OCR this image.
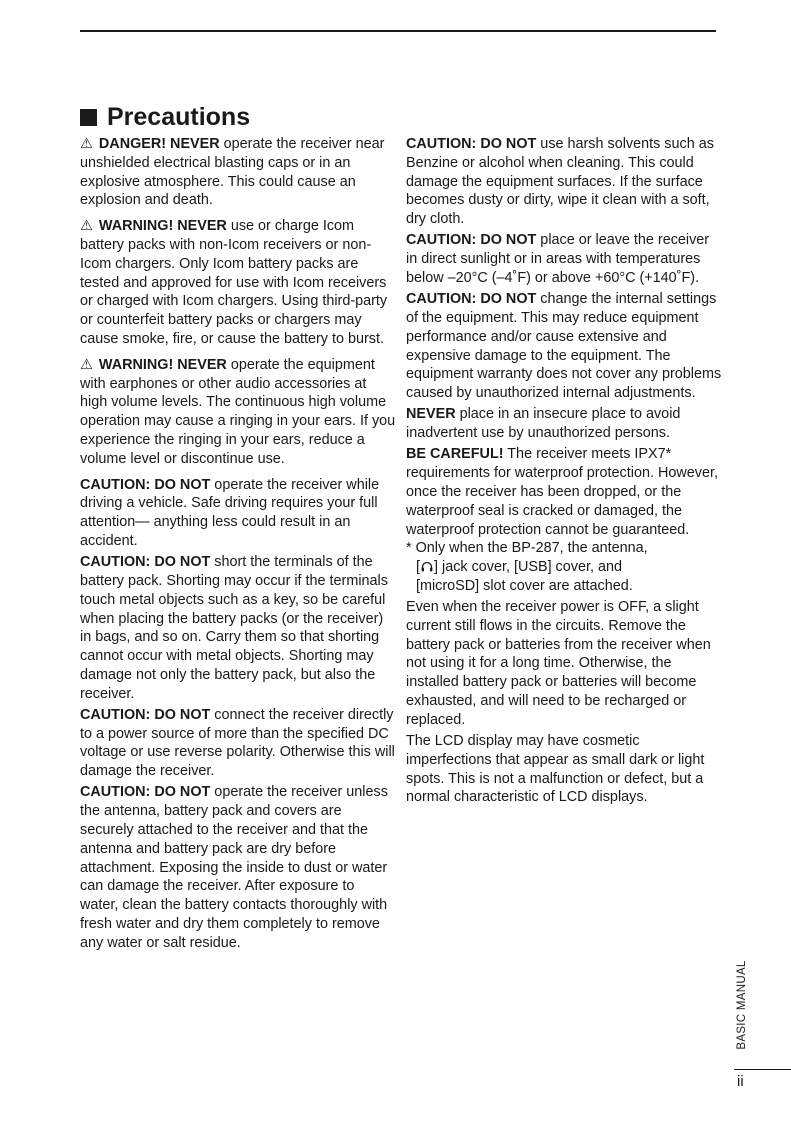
Precautions

⚠ DANGER! NEVER operate the receiver near unshielded electrical blasting caps or in an explosive atmosphere. This could cause an explosion and death.

⚠ WARNING! NEVER use or charge Icom battery packs with non-Icom receivers or non-Icom chargers. Only Icom battery packs are tested and approved for use with Icom receivers or charged with Icom chargers. Using third-party or counterfeit battery packs or chargers may cause smoke, fire, or cause the battery to burst.

⚠ WARNING! NEVER operate the equipment with earphones or other audio accessories at high volume levels. The continuous high volume operation may cause a ringing in your ears. If you experience the ringing in your ears, reduce a volume level or discontinue use.

CAUTION: DO NOT operate the receiver while driving a vehicle. Safe driving requires your full attention— anything less could result in an accident.

CAUTION: DO NOT short the terminals of the battery pack. Shorting may occur if the terminals touch metal objects such as a key, so be careful when placing the battery packs (or the receiver) in bags, and so on. Carry them so that shorting cannot occur with metal objects. Shorting may damage not only the battery pack, but also the receiver.

CAUTION: DO NOT connect the receiver directly to a power source of more than the specified DC voltage or use reverse polarity. Otherwise this will damage the receiver.

CAUTION: DO NOT operate the receiver unless the antenna, battery pack and covers are securely attached to the receiver and that the antenna and battery pack are dry before attachment. Exposing the inside to dust or water can damage the receiver. After exposure to water, clean the battery contacts thoroughly with fresh water and dry them completely to remove any water or salt residue.

CAUTION: DO NOT use harsh solvents such as Benzine or alcohol when cleaning. This could damage the equipment surfaces. If the surface becomes dusty or dirty, wipe it clean with a soft, dry cloth.

CAUTION: DO NOT place or leave the receiver in direct sunlight or in areas with temperatures below –20°C (–4˚F) or above +60°C (+140˚F).

CAUTION: DO NOT change the internal settings of the equipment. This may reduce equipment performance and/or cause extensive and expensive damage to the equipment. The equipment warranty does not cover any problems caused by unauthorized internal adjustments.

NEVER place in an insecure place to avoid inadvertent use by unauthorized persons.

BE CAREFUL! The receiver meets IPX7* requirements for waterproof protection. However, once the receiver has been dropped, or the waterproof seal is cracked or damaged, the waterproof protection cannot be guaranteed.

* Only when the BP-287, the antenna,
[ ] jack cover, [USB] cover, and
[microSD] slot cover are attached.

Even when the receiver power is OFF, a slight current still flows in the circuits. Remove the battery pack or batteries from the receiver when not using it for a long time. Otherwise, the installed battery pack or batteries will become exhausted, and will need to be recharged or replaced.

The LCD display may have cosmetic imperfections that appear as small dark or light spots. This is not a malfunction or defect, but a normal characteristic of LCD displays.

BASIC MANUAL
ii
